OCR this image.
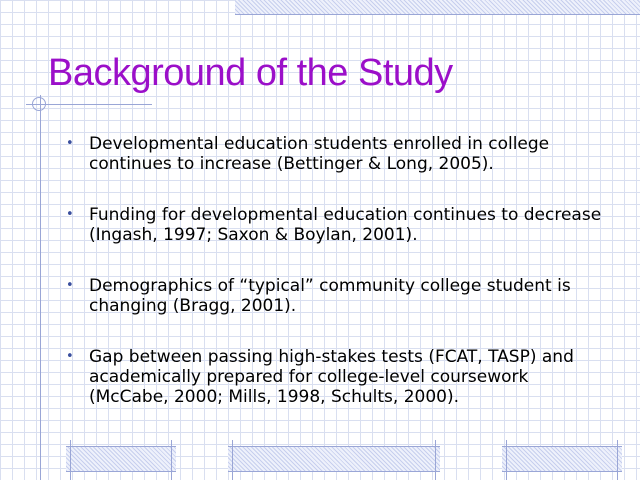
Background of the Study
• Developmental education students enrolled in college continues to increase (Bettinger & Long, 2005).
• Funding for developmental education continues to decrease (Ingash, 1997; Saxon & Boylan, 2001).
• Demographics of “typical” community college student is changing (Bragg, 2001).
• Gap between passing high-stakes tests (FCAT, TASP) and academically prepared for college-level coursework (McCabe, 2000; Mills, 1998, Schults, 2000).
